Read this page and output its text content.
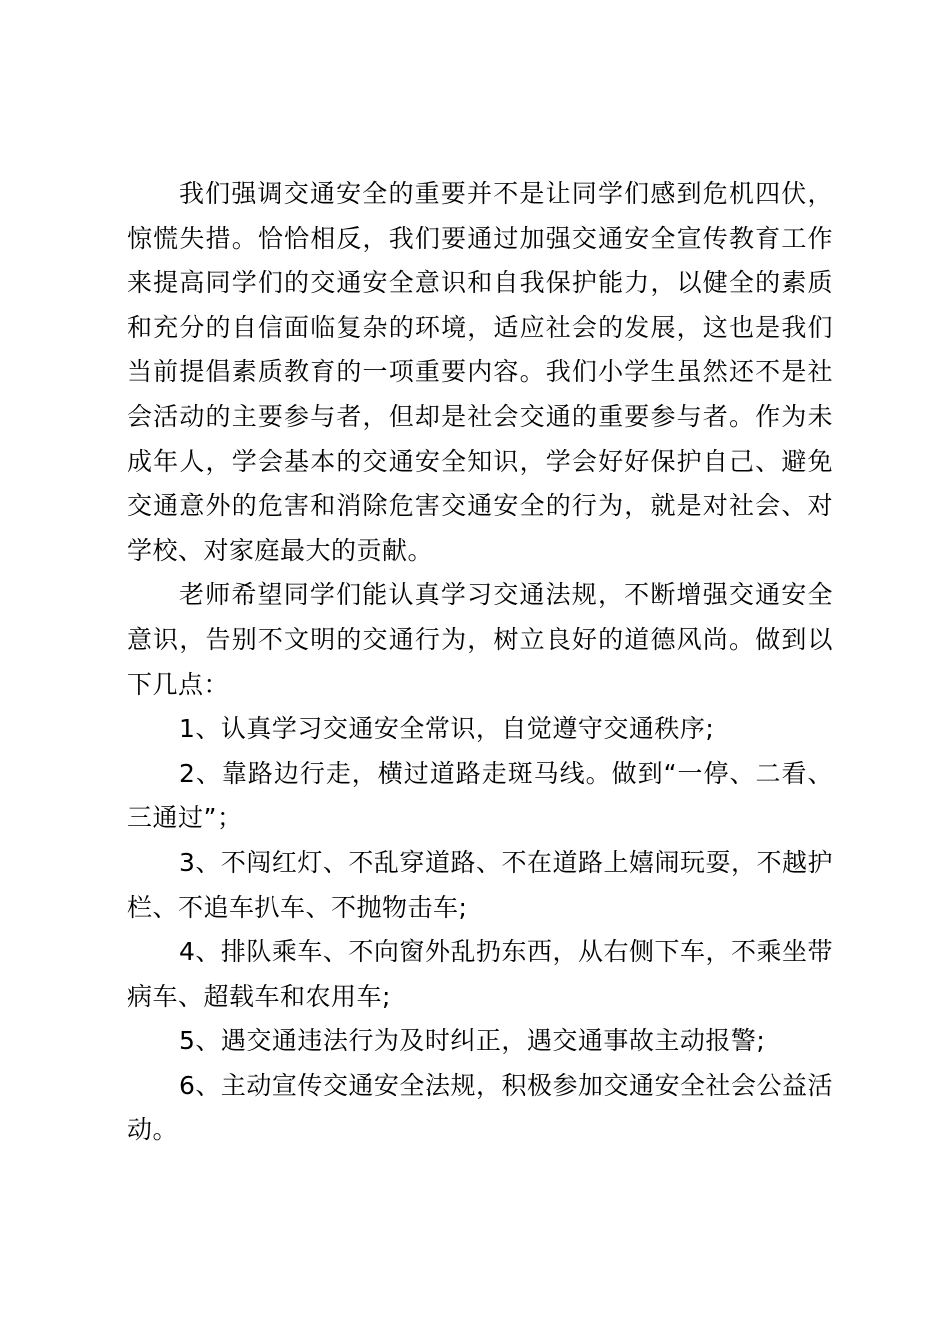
我们强调交通安全的重要并不是让同学们感到危机四伏，
惊慌失措。恰恰相反，我们要通过加强交通安全宣传教育工作
来提高同学们的交通安全意识和自我保护能力，以健全的素质
和充分的自信面临复杂的环境，适应社会的发展，这也是我们
当前提倡素质教育的一项重要内容。我们小学生虽然还不是社
会活动的主要参与者，但却是社会交通的重要参与者。作为未
成年人，学会基本的交通安全知识，学会好好保护自己、避免
交通意外的危害和消除危害交通安全的行为，就是对社会、对
学校、对家庭最大的贡献。
老师希望同学们能认真学习交通法规，不断增强交通安全
意识，告别不文明的交通行为，树立良好的道德风尚。做到以
下几点：
1、认真学习交通安全常识，自觉遵守交通秩序;
2、靠路边行走，横过道路走斑马线。做到“一停、二看、
三通过”；
3、不闯红灯、不乱穿道路、不在道路上嬉闹玩耍，不越护
栏、不追车扒车、不抛物击车;
4、排队乘车、不向窗外乱扔东西，从右侧下车，不乘坐带
病车、超载车和农用车;
5、遇交通违法行为及时纠正，遇交通事故主动报警;
6、主动宣传交通安全法规，积极参加交通安全社会公益活
动。
